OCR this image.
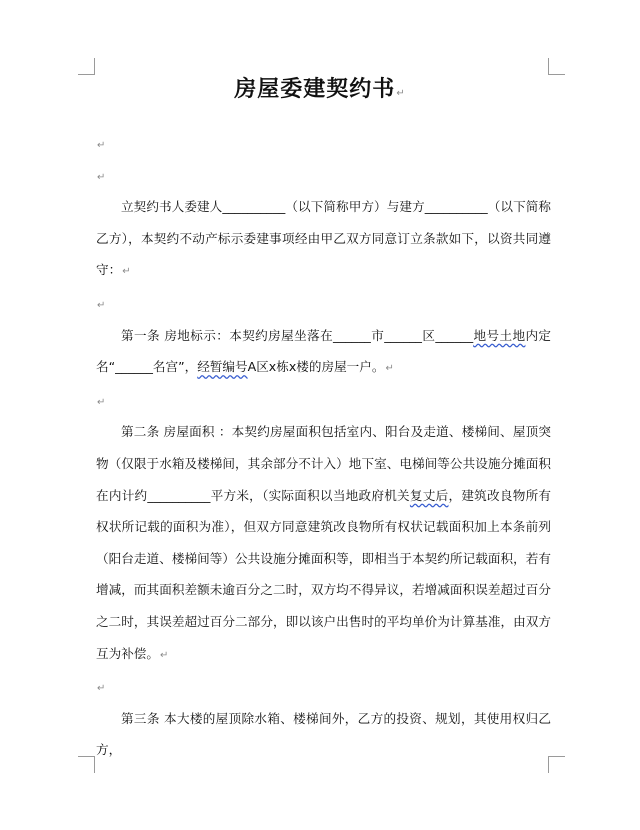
房屋委建契约书↵

↵

↵

立契约书人委建人__________（以下简称甲方）与建方__________（以下简称乙方），本契约不动产标示委建事项经由甲乙双方同意订立条款如下，以资共同遵守：↵

↵

第一条 房地标示：本契约房屋坐落在______市______区______地号土地内定名“______名宫”，经暂编号A区x栋x楼的房屋一户。↵

↵

第二条 房屋面积 ：本契约房屋面积包括室内、阳台及走道、楼梯间、屋顶突物（仅限于水箱及楼梯间，其余部分不计入）地下室、电梯间等公共设施分摊面积在内计约__________平方米，（实际面积以当地政府机关复丈后，建筑改良物所有权状所记载的面积为准），但双方同意建筑改良物所有权状记载面积加上本条前列（阳台走道、楼梯间等）公共设施分摊面积等，即相当于本契约所记载面积，若有增减，而其面积差额未逾百分之二时，双方均不得异议，若增减面积误差超过百分之二时，其误差超过百分二部分，即以该户出售时的平均单价为计算基准，由双方互为补偿。↵

↵

第三条 本大楼的屋顶除水箱、楼梯间外，乙方的投资、规划，其使用权归乙方，
